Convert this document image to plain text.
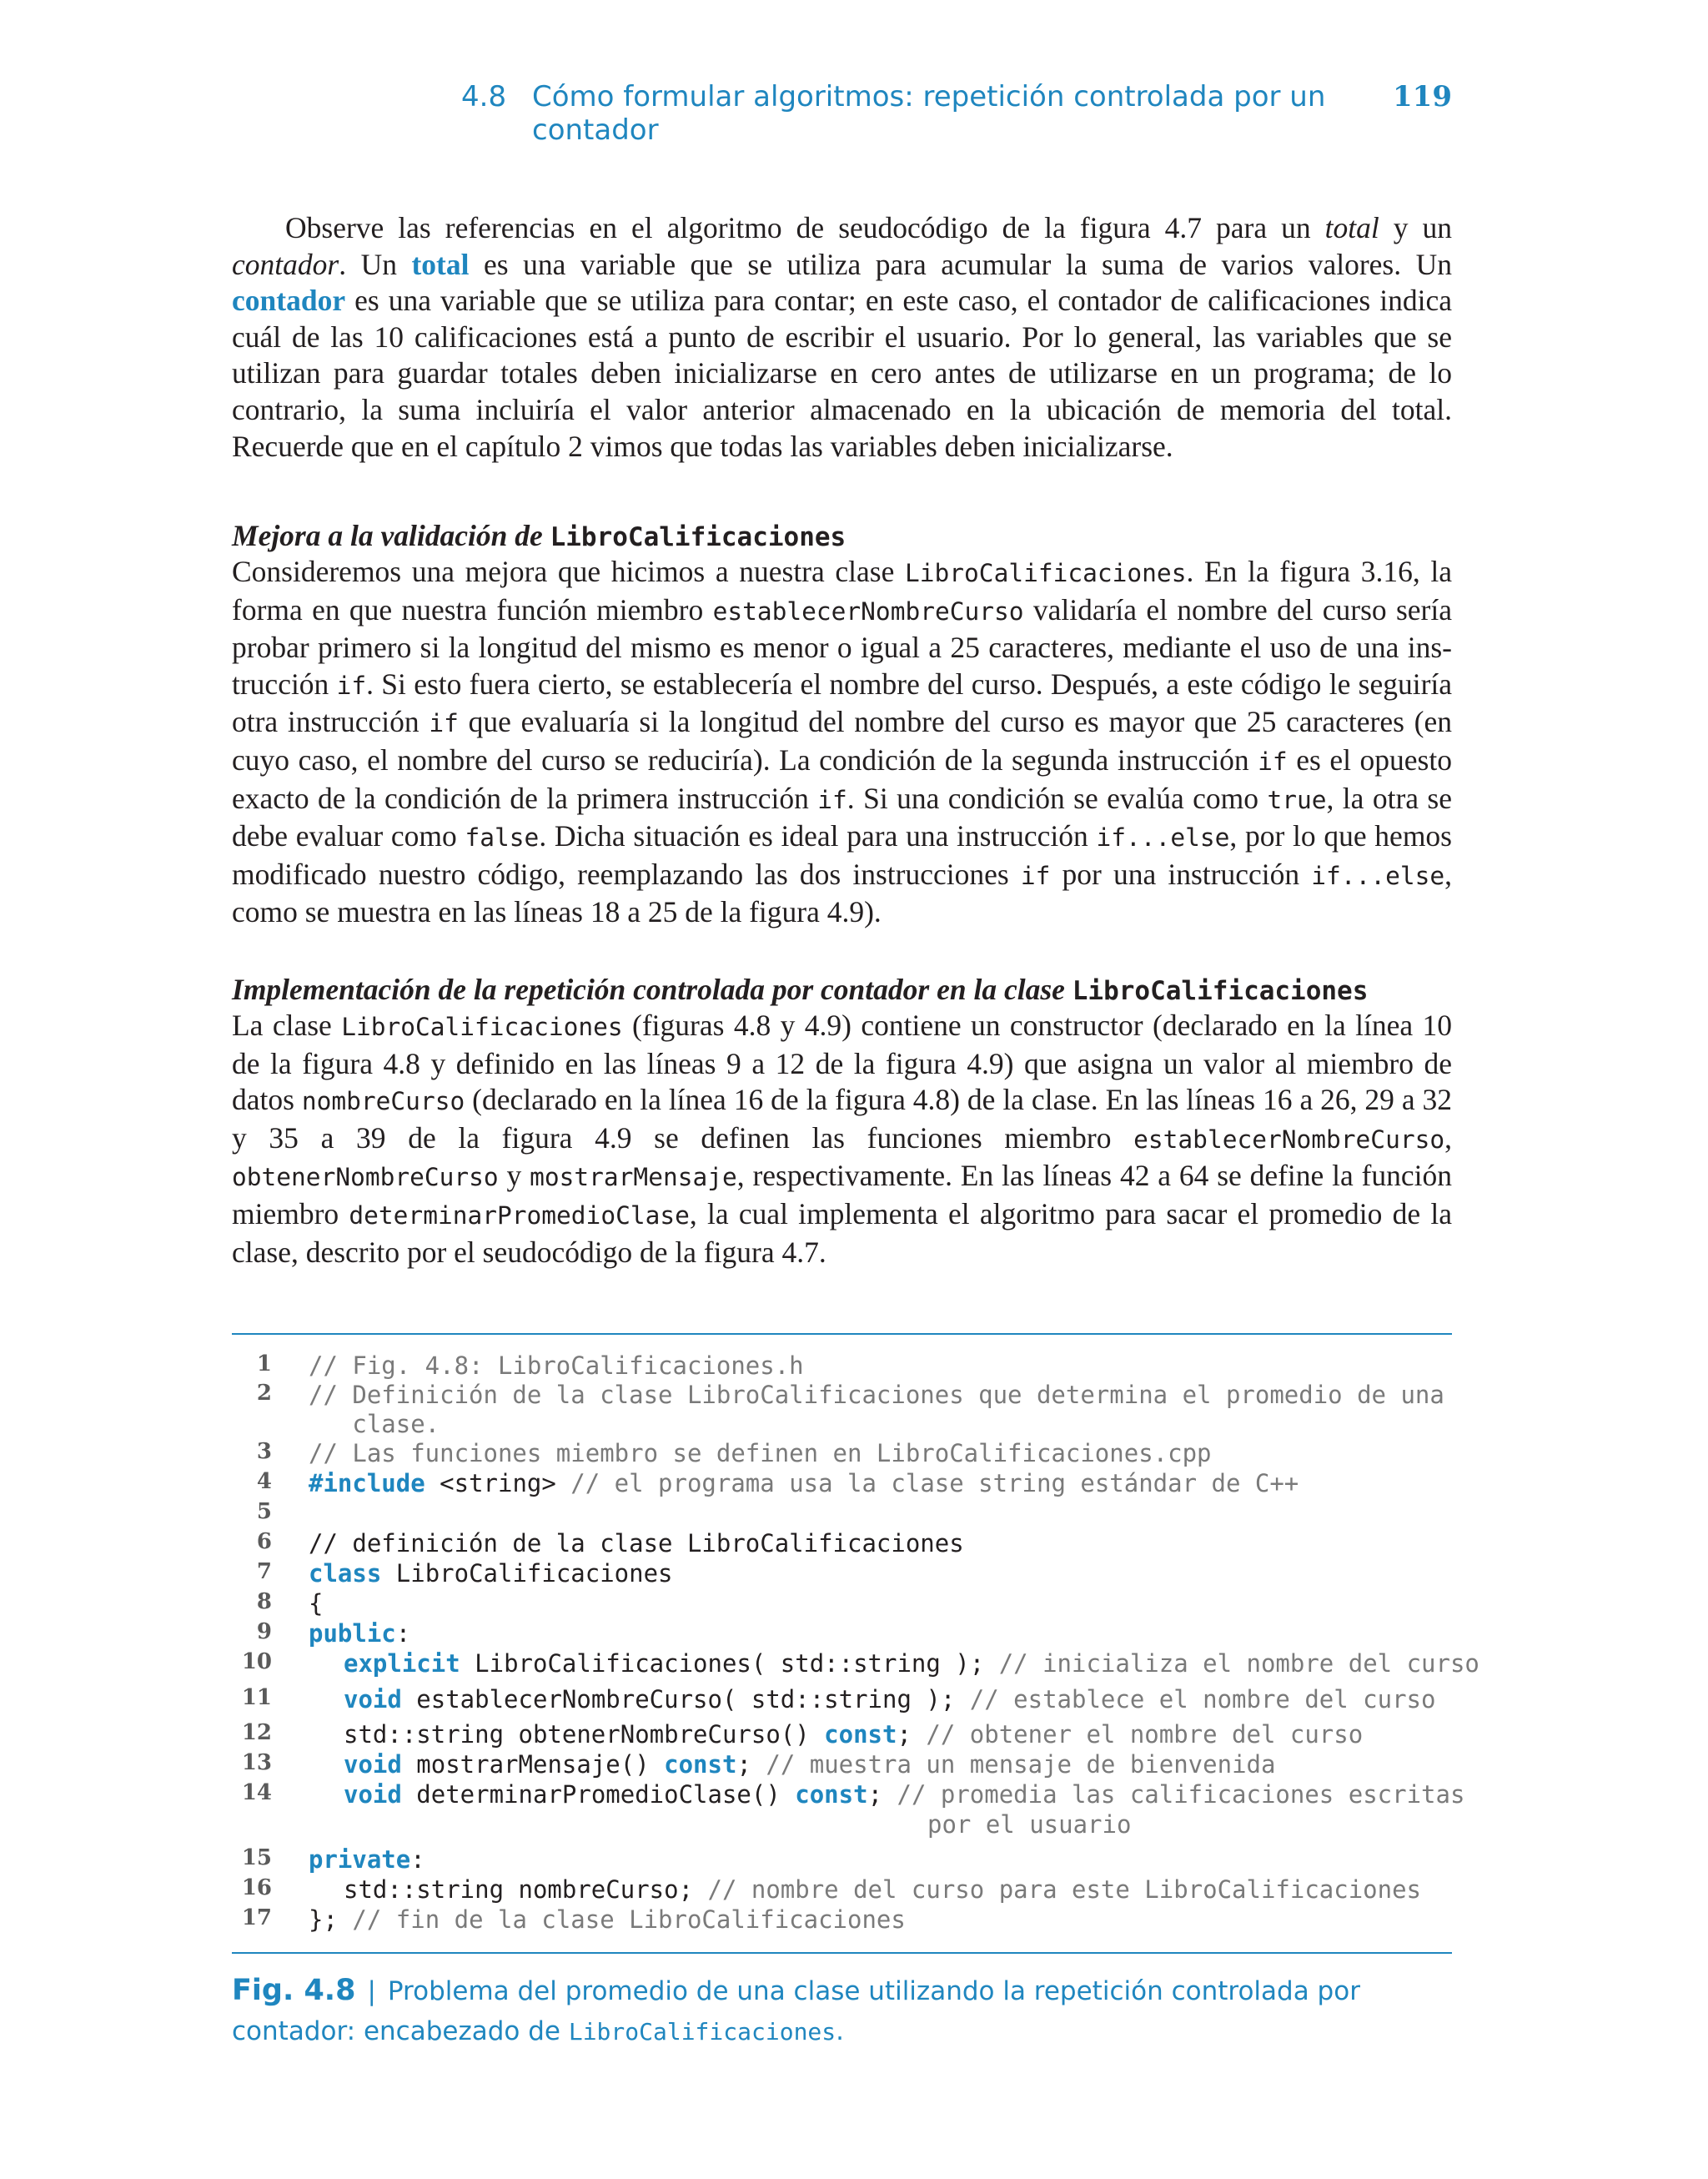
4.8 Cómo formular algoritmos: repetición controlada por un contador
119

Observe las referencias en el algoritmo de seudocódigo de la figura 4.7 para un total y un contador. Un total es una variable que se utiliza para acumular la suma de varios valores. Un contador es una variable que se utiliza para contar; en este caso, el contador de calificaciones indica cuál de las 10 calificaciones está a punto de escribir el usuario. Por lo general, las variables que se utilizan para guardar totales deben inicializarse en cero antes de utilizarse en un programa; de lo contrario, la suma incluiría el valor anterior almacenado en la ubicación de memoria del total. Recuerde que en el capítulo 2 vimos que todas las variables deben inicializarse.

Mejora a la validación de LibroCalificaciones

Consideremos una mejora que hicimos a nuestra clase LibroCalificaciones. En la figura 3.16, la forma en que nuestra función miembro establecerNombreCurso validaría el nombre del curso sería probar primero si la longitud del mismo es menor o igual a 25 caracteres, mediante el uso de una instrucción if. Si esto fuera cierto, se establecería el nombre del curso. Después, a este código le seguiría otra instrucción if que evaluaría si la longitud del nombre del curso es mayor que 25 caracteres (en cuyo caso, el nombre del curso se reduciría). La condición de la segunda instrucción if es el opuesto exacto de la condición de la primera instrucción if. Si una condición se evalúa como true, la otra se debe evaluar como false. Dicha situación es ideal para una instrucción if...else, por lo que hemos modificado nuestro código, reemplazando las dos instrucciones if por una instrucción if...else, como se muestra en las líneas 18 a 25 de la figura 4.9).

Implementación de la repetición controlada por contador en la clase LibroCalificaciones

La clase LibroCalificaciones (figuras 4.8 y 4.9) contiene un constructor (declarado en la línea 10 de la figura 4.8 y definido en las líneas 9 a 12 de la figura 4.9) que asigna un valor al miembro de datos nombreCurso (declarado en la línea 16 de la figura 4.8) de la clase. En las líneas 16 a 26, 29 a 32 y 35 a 39 de la figura 4.9 se definen las funciones miembro establecerNombreCurso, obtenerNombreCurso y mostrarMensaje, respectivamente. En las líneas 42 a 64 se define la función miembro determinarPromedioClase, la cual implementa el algoritmo para sacar el promedio de la clase, descrito por el seudocódigo de la figura 4.7.

1 // Fig. 4.8: LibroCalificaciones.h
2 // Definición de la clase LibroCalificaciones que determina el promedio de una
clase.
3 // Las funciones miembro se definen en LibroCalificaciones.cpp
4 #include <string> // el programa usa la clase string estándar de C++
5
6 // definición de la clase LibroCalificaciones
7 class LibroCalificaciones
8 {
9 public:
10	explicit LibroCalificaciones( std::string ); // inicializa el nombre del curso
11	void establecerNombreCurso( std::string ); // establece el nombre del curso
12	std::string obtenerNombreCurso() const; // obtener el nombre del curso
13	void mostrarMensaje() const; // muestra un mensaje de bienvenida
14	void determinarPromedioClase() const; // promedia las calificaciones escritas
por el usuario
15 private:
16	std::string nombreCurso; // nombre del curso para este LibroCalificaciones
17 }; // fin de la clase LibroCalificaciones
Fig. 4.8 | Problema del promedio de una clase utilizando la repetición controlada por contador: encabezado de LibroCalificaciones.
